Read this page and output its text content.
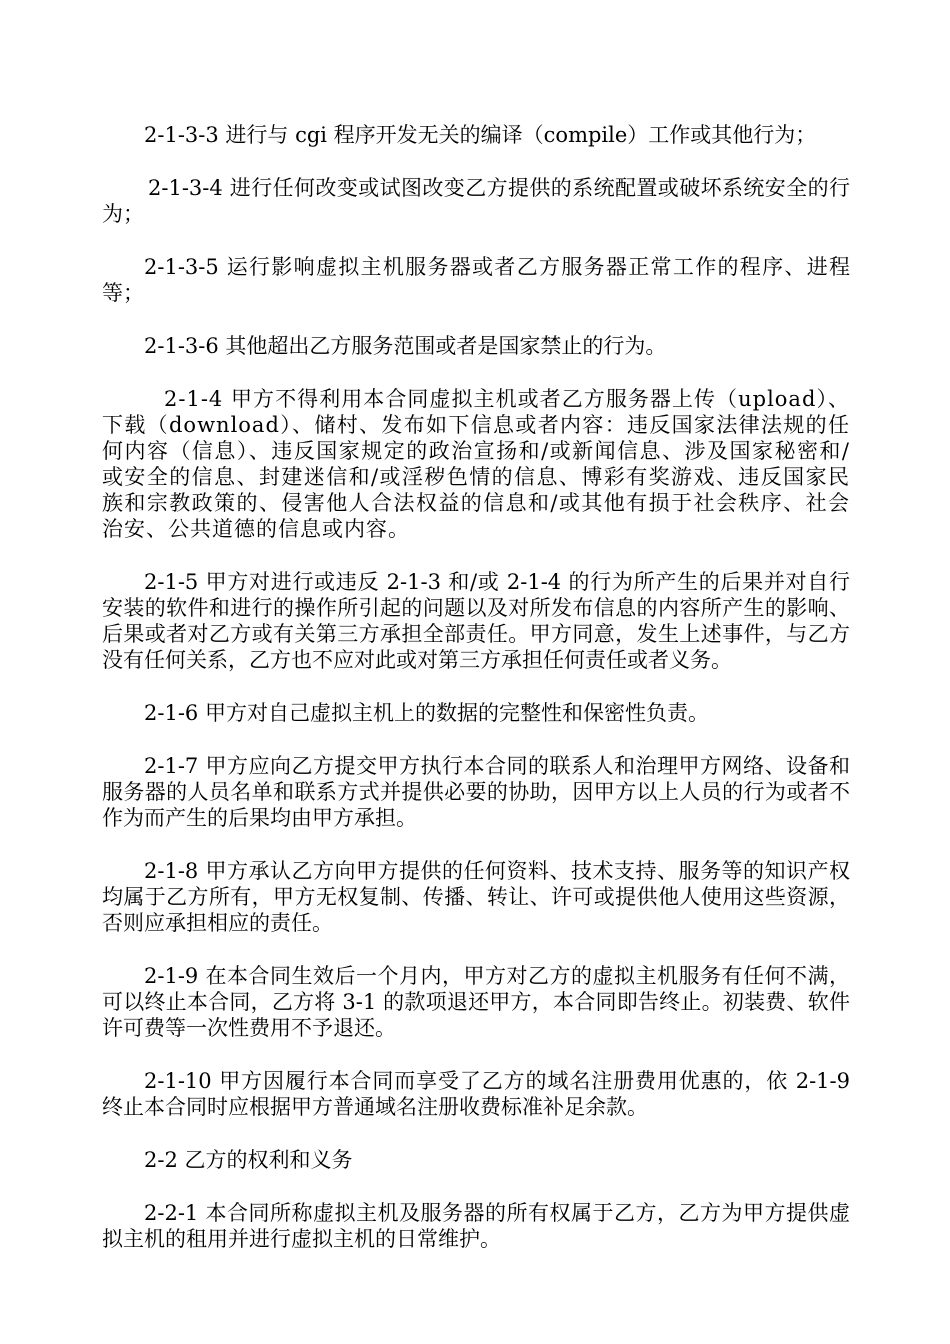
2-1-3-3 进行与 cgi 程序开发无关的编译（compile）工作或其他行为；

2-1-3-4 进行任何改变或试图改变乙方提供的系统配置或破坏系统安全的行为；

2-1-3-5 运行影响虚拟主机服务器或者乙方服务器正常工作的程序、进程等；

2-1-3-6 其他超出乙方服务范围或者是国家禁止的行为。

2-1-4 甲方不得利用本合同虚拟主机或者乙方服务器上传（upload）、下载（download）、储村、发布如下信息或者内容：违反国家法律法规的任何内容（信息）、违反国家规定的政治宣扬和/或新闻信息、涉及国家秘密和/或安全的信息、封建迷信和/或淫秽色情的信息、博彩有奖游戏、违反国家民族和宗教政策的、侵害他人合法权益的信息和/或其他有损于社会秩序、社会治安、公共道德的信息或内容。

2-1-5 甲方对进行或违反 2-1-3 和/或 2-1-4 的行为所产生的后果并对自行安装的软件和进行的操作所引起的问题以及对所发布信息的内容所产生的影响、后果或者对乙方或有关第三方承担全部责任。甲方同意，发生上述事件，与乙方没有任何关系，乙方也不应对此或对第三方承担任何责任或者义务。

2-1-6 甲方对自己虚拟主机上的数据的完整性和保密性负责。

2-1-7 甲方应向乙方提交甲方执行本合同的联系人和治理甲方网络、设备和服务器的人员名单和联系方式并提供必要的协助，因甲方以上人员的行为或者不作为而产生的后果均由甲方承担。

2-1-8 甲方承认乙方向甲方提供的任何资料、技术支持、服务等的知识产权均属于乙方所有，甲方无权复制、传播、转让、许可或提供他人使用这些资源，否则应承担相应的责任。

2-1-9 在本合同生效后一个月内，甲方对乙方的虚拟主机服务有任何不满，可以终止本合同，乙方将 3-1 的款项退还甲方，本合同即告终止。初装费、软件许可费等一次性费用不予退还。

2-1-10 甲方因履行本合同而享受了乙方的域名注册费用优惠的，依 2-1-9 终止本合同时应根据甲方普通域名注册收费标准补足余款。

2-2 乙方的权利和义务

2-2-1 本合同所称虚拟主机及服务器的所有权属于乙方，乙方为甲方提供虚拟主机的租用并进行虚拟主机的日常维护。
